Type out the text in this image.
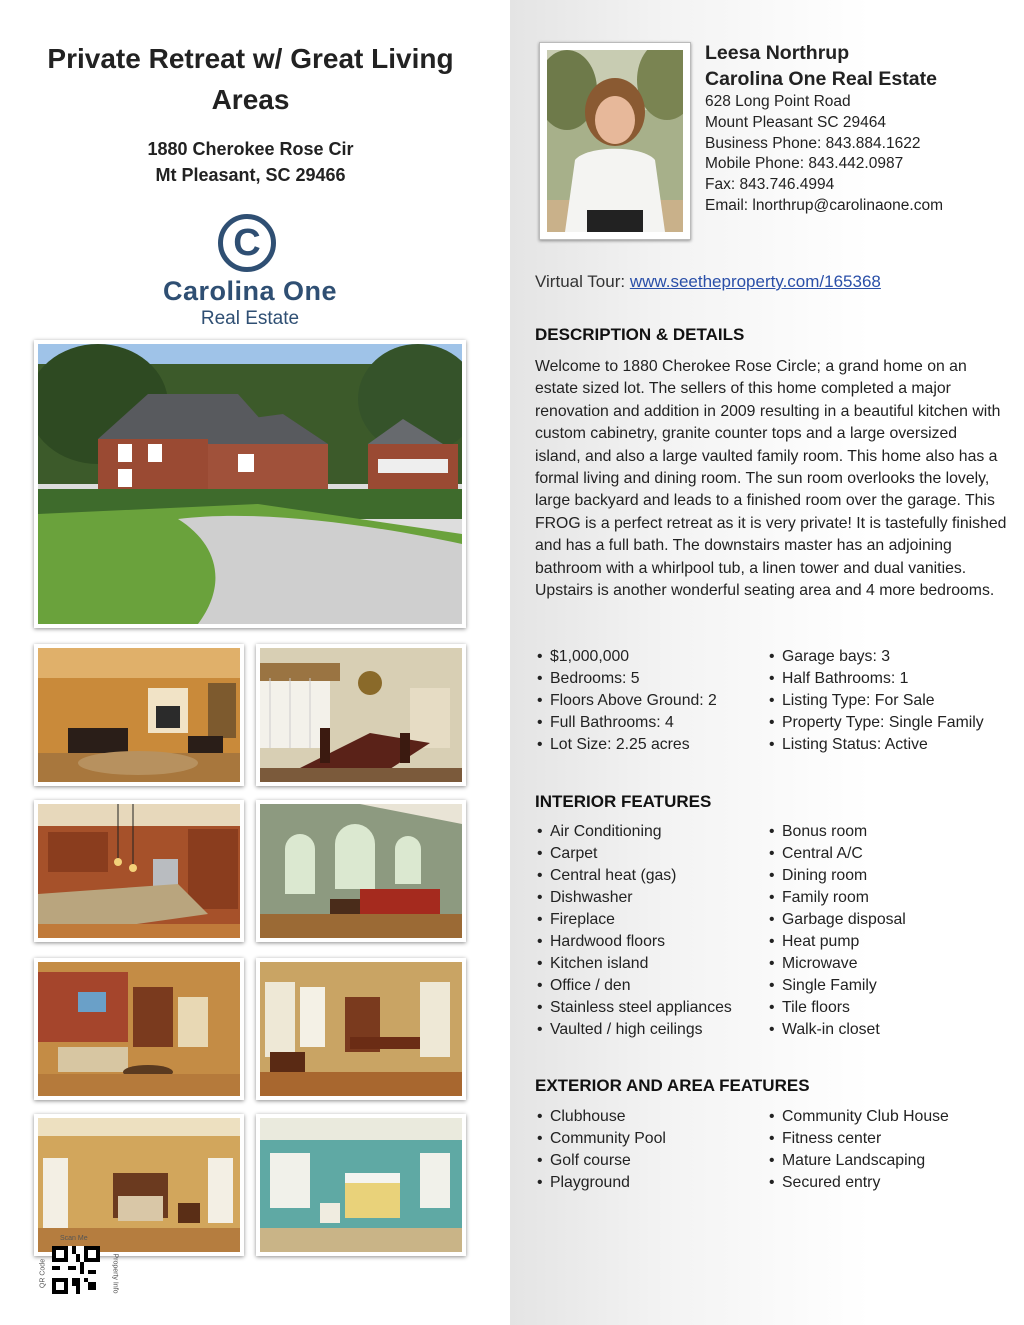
Private Retreat w/ Great Living Areas
1880 Cherokee Rose Cir
Mt Pleasant, SC 29466
C
Carolina One
Real Estate
Scan Me
QR Code	Property Info
Leesa Northrup
Carolina One Real Estate
628 Long Point Road
Mount Pleasant SC 29464
Business Phone: 843.884.1622
Mobile Phone: 843.442.0987
Fax: 843.746.4994
Email: lnorthrup@carolinaone.com
Virtual Tour: www.seetheproperty.com/165368
DESCRIPTION & DETAILS
Welcome to 1880 Cherokee Rose Circle; a grand home on an estate sized lot. The sellers of this home completed a major renovation and addition in 2009 resulting in a beautiful kitchen with custom cabinetry, granite counter tops and a large oversized island, and also a large vaulted family room. This home also has a formal living and dining room. The sun room overlooks the lovely, large backyard and leads to a finished room over the garage. This FROG is a perfect retreat as it is very private! It is tastefully finished and has a full bath. The downstairs master has an adjoining bathroom with a whirlpool tub, a linen tower and dual vanities. Upstairs is another wonderful seating area and 4 more bedrooms.
• $1,000,000
• Bedrooms: 5
• Floors Above Ground: 2
• Full Bathrooms: 4
• Lot Size: 2.25 acres
• Garage bays: 3
• Half Bathrooms: 1
• Listing Type: For Sale
• Property Type: Single Family
• Listing Status: Active
INTERIOR FEATURES
• Air Conditioning
• Carpet
• Central heat (gas)
• Dishwasher
• Fireplace
• Hardwood floors
• Kitchen island
• Office / den
• Stainless steel appliances
• Vaulted / high ceilings
• Bonus room
• Central A/C
• Dining room
• Family room
• Garbage disposal
• Heat pump
• Microwave
• Single Family
• Tile floors
• Walk-in closet
EXTERIOR AND AREA FEATURES
• Clubhouse
• Community Pool
• Golf course
• Playground
• Community Club House
• Fitness center
• Mature Landscaping
• Secured entry
